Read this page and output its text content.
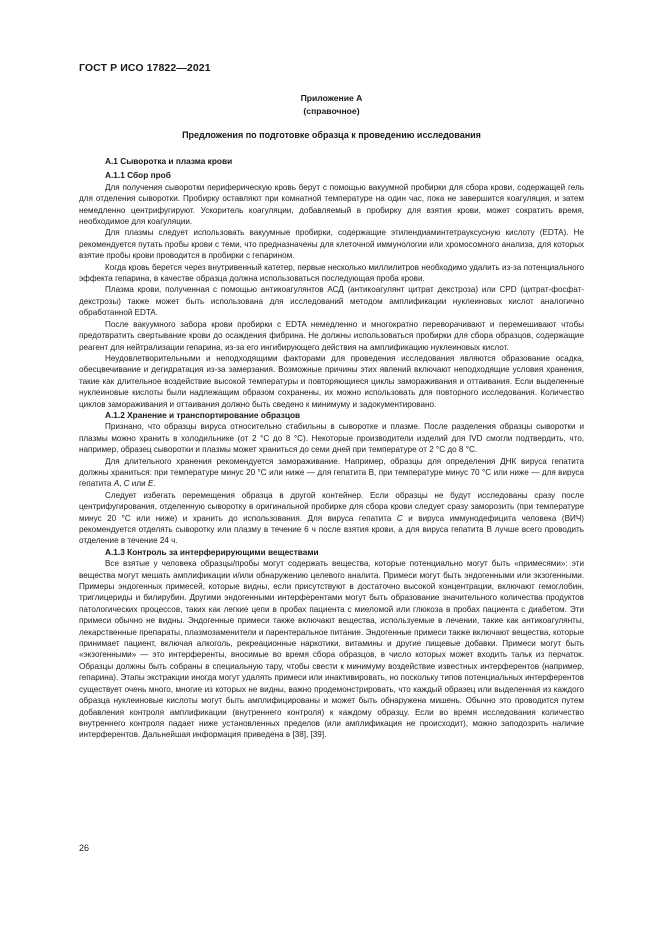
ГОСТ Р ИСО 17822—2021
Приложение А
(справочное)
Предложения по подготовке образца к проведению исследования
А.1 Сыворотка и плазма крови
А.1.1 Сбор проб

Для получения сыворотки периферическую кровь берут с помощью вакуумной пробирки для сбора крови, содержащей гель для отделения сыворотки. Пробирку оставляют при комнатной температуре на один час, пока не завершится коагуляция, и затем немедленно центрифугируют. Ускоритель коагуляции, добавляемый в пробирку для взятия крови, может сократить время, необходимое для коагуляции.

Для плазмы следует использовать вакуумные пробирки, содержащие этилендиаминтетрауксусную кислоту (EDTA). Не рекомендуется путать пробы крови с теми, что предназначены для клеточной иммунологии или хромосомного анализа, для которых взятие пробы крови проводится в пробирки с гепарином.

Когда кровь берется через внутривенный катетер, первые несколько миллилитров необходимо удалить из-за потенциального эффекта гепарина, в качестве образца должна использоваться последующая проба крови.

Плазма крови, полученная с помощью антикоагулянтов АСД (антикоагулянт цитрат декстроза) или CPD (цитрат-фосфат-декстрозы) также может быть использована для исследований методом амплификации нуклеиновых кислот аналогично обработанной EDTA.

После вакуумного забора крови пробирки с EDTA немедленно и многократно переворачивают и перемешивают чтобы предотвратить свертывание крови до осаждения фибрина. Не должны использоваться пробирки для сбора образцов, содержащие реагент для нейтрализации гепарина, из-за его ингибирующего действия на амплификацию нуклеиновых кислот.

Неудовлетворительными и неподходящими факторами для проведения исследования являются образование осадка, обесцвечивание и дегидратация из-за замерзания. Возможные причины этих явлений включают неподходящие условия хранения, такие как длительное воздействие высокой температуры и повторяющиеся циклы замораживания и оттаивания. Если выделенные нуклеиновые кислоты были надлежащим образом сохранены, их можно использовать для повторного исследования. Количество циклов замораживания и оттаивания должно быть сведено к минимуму и задокументировано.

А.1.2 Хранение и транспортирование образцов

Признано, что образцы вируса относительно стабильны в сыворотке и плазме. После разделения образцы сыворотки и плазмы можно хранить в холодильнике (от 2 °С до 8 °С). Некоторые производители изделий для IVD смогли подтвердить, что, например, образец сыворотки и плазмы может храниться до семи дней при температуре от 2 °С до 8 °С.

Для длительного хранения рекомендуется замораживание. Например, образцы для определения ДНК вируса гепатита должны храниться: при температуре минус 20 °С или ниже — для гепатита В, при температуре минус 70 °С или ниже — для вируса гепатита А, С или Е.

Следует избегать перемещения образца в другой контейнер. Если образцы не будут исследованы сразу после центрифугирования, отделенную сыворотку в оригинальной пробирке для сбора крови следует сразу заморозить (при температуре минус 20 °С или ниже) и хранить до использования. Для вируса гепатита С и вируса иммунодефицита человека (ВИЧ) рекомендуется отделять сыворотку или плазму в течение 6 ч после взятия крови, а для вируса гепатита В лучше всего проводить отделение в течение 24 ч.

А.1.3 Контроль за интерферирующими веществами

Все взятые у человека образцы/пробы могут содержать вещества, которые потенциально могут быть «примесями»: эти вещества могут мешать амплификации и/или обнаружению целевого аналита. Примеси могут быть эндогенными или экзогенными. Примеры эндогенных примесей, которые видны, если присутствуют в достаточно высокой концентрации, включают гемоглобин, триглицериды и билирубин. Другими эндогенными интерферентами могут быть образование значительного количества продуктов патологических процессов, таких как легкие цепи в пробах пациента с миеломой или глюкоза в пробах пациента с диабетом. Эти примеси обычно не видны. Эндогенные примеси также включают вещества, используемые в лечении, такие как антикоагулянты, лекарственные препараты, плазмозаменители и парентеральное питание. Эндогенные примеси также включают вещества, которые принимает пациент, включая алкоголь, рекреационные наркотики, витамины и другие пищевые добавки. Примеси могут быть «экзогенными» — это интерференты, вносимые во время сбора образцов, в число которых может входить тальк из перчаток. Образцы должны быть собраны в специальную тару, чтобы свести к минимуму воздействие известных интерферентов (например, гепарина). Этапы экстракции иногда могут удалять примеси или инактивировать, но поскольку типов потенциальных интерферентов существует очень много, многие из которых не видны, важно продемонстрировать, что каждый образец или выделенная из каждого образца нуклеиновые кислоты могут быть амплифицированы и может быть обнаружена мишень. Обычно это проводится путем добавления контроля амплификации (внутреннего контроля) к каждому образцу. Если во время исследования количество внутреннего контроля падает ниже установленных пределов (или амплификация не происходит), можно заподозрить наличие интерферентов. Дальнейшая информация приведена в [38], [39].

26
